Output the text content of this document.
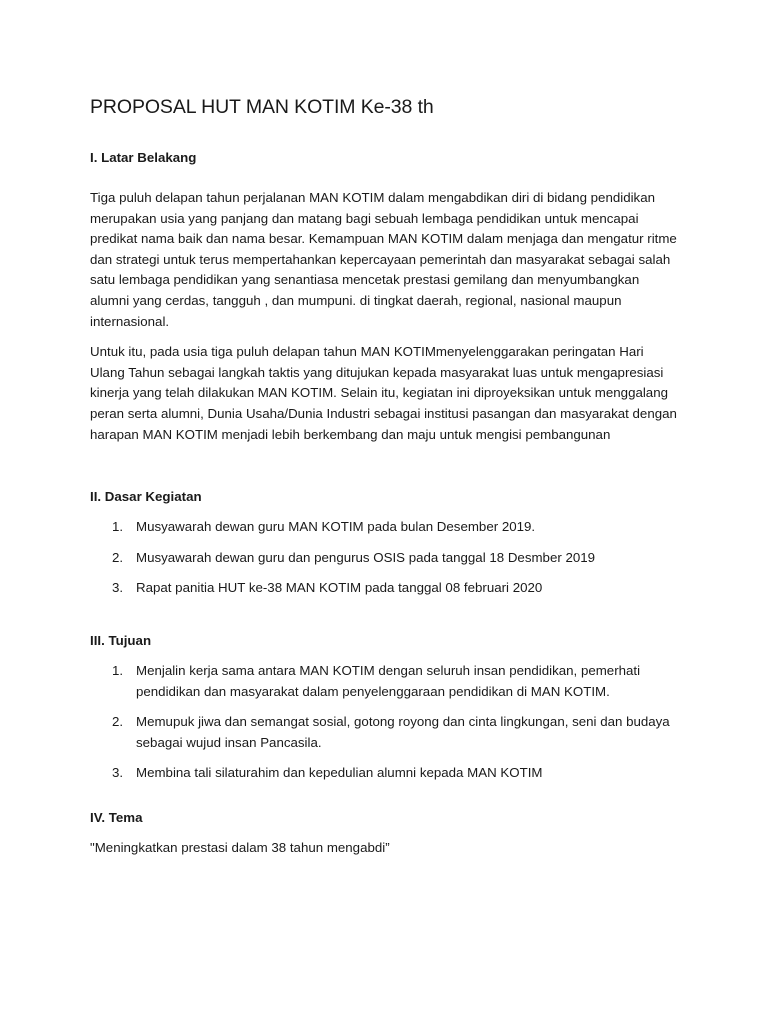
PROPOSAL HUT MAN KOTIM Ke-38 th
I. Latar Belakang

Tiga puluh delapan tahun perjalanan MAN KOTIM dalam mengabdikan diri di bidang pendidikan merupakan usia yang panjang dan matang bagi sebuah lembaga pendidikan untuk mencapai predikat nama baik dan nama besar. Kemampuan MAN KOTIM dalam menjaga dan mengatur ritme dan strategi untuk terus mempertahankan kepercayaan pemerintah dan masyarakat sebagai salah satu lembaga pendidikan yang senantiasa mencetak prestasi gemilang dan menyumbangkan alumni yang cerdas, tangguh , dan mumpuni. di tingkat daerah, regional, nasional maupun internasional.

Untuk itu, pada usia tiga puluh delapan tahun MAN KOTIMmenyelenggarakan peringatan Hari Ulang Tahun sebagai langkah taktis yang ditujukan kepada masyarakat luas untuk mengapresiasi kinerja yang telah dilakukan MAN KOTIM. Selain itu, kegiatan ini diproyeksikan untuk menggalang peran serta alumni, Dunia Usaha/Dunia Industri sebagai institusi pasangan dan masyarakat dengan harapan MAN KOTIM menjadi lebih berkembang dan maju untuk mengisi pembangunan

II. Dasar Kegiatan
1. Musyawarah dewan guru MAN KOTIM pada bulan Desember 2019.
2. Musyawarah dewan guru dan pengurus OSIS pada tanggal 18 Desmber 2019
3. Rapat panitia HUT ke-38 MAN KOTIM pada tanggal 08 februari 2020
III. Tujuan
1. Menjalin kerja sama antara MAN KOTIM dengan seluruh insan pendidikan, pemerhati pendidikan dan masyarakat dalam penyelenggaraan pendidikan di MAN KOTIM.
2. Memupuk jiwa dan semangat sosial, gotong royong dan cinta lingkungan, seni dan budaya sebagai wujud insan Pancasila.
3. Membina tali silaturahim dan kepedulian alumni kepada MAN KOTIM
IV. Tema

"Meningkatkan prestasi dalam 38 tahun mengabdi”
